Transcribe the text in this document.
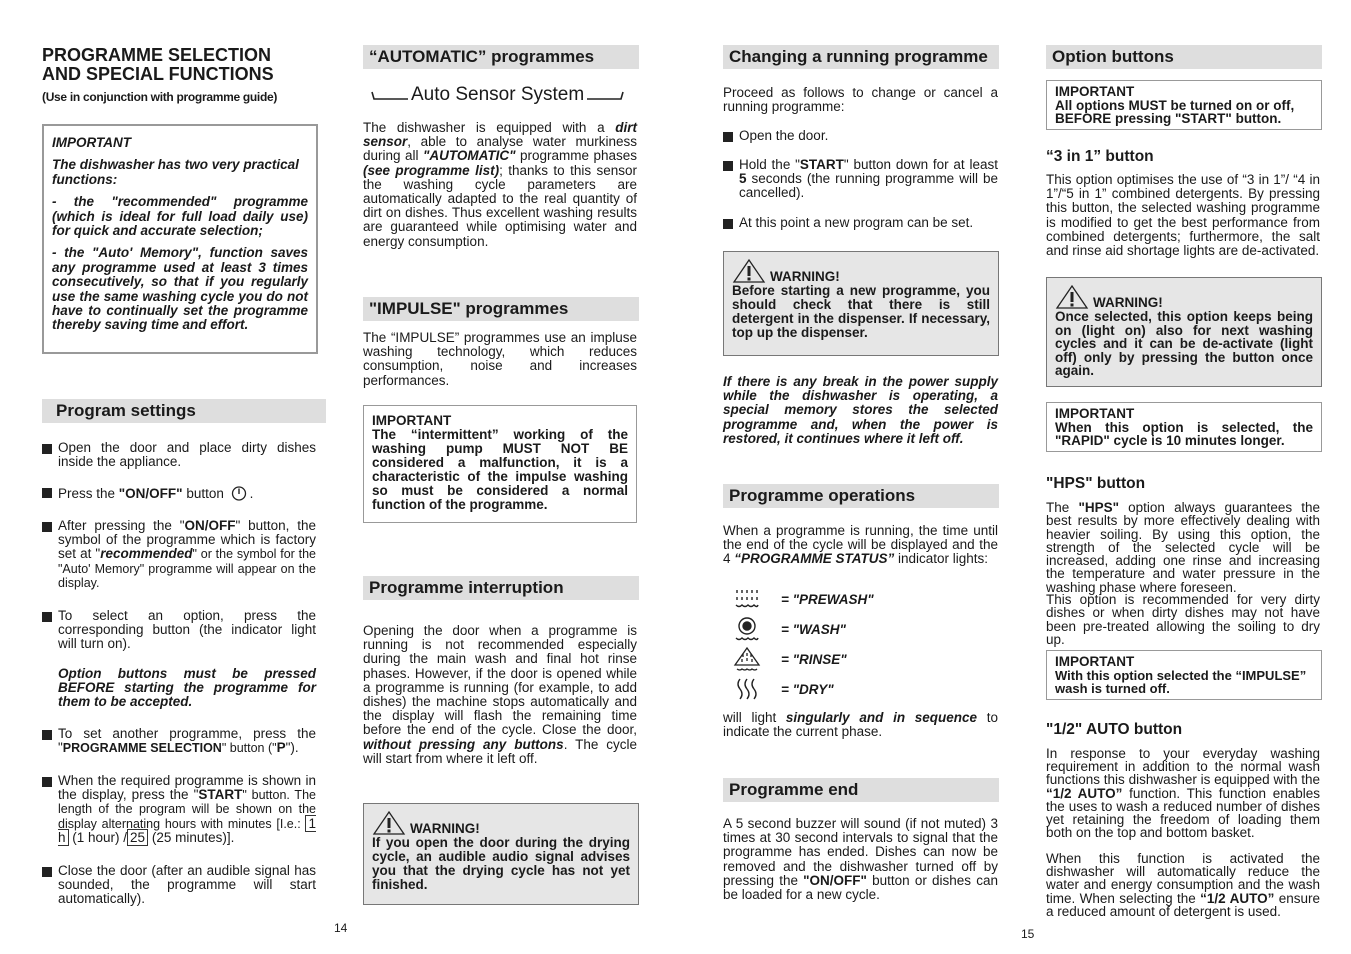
PROGRAMME SELECTION
AND SPECIAL FUNCTIONS
(Use in conjunction with programme guide)
IMPORTANT
The dishwasher has two very practical functions:
- the "recommended" programme (which is ideal for full load daily use) for quick and accurate selection;
- the "Auto' Memory", function saves any programme used at least 3 times consecutively, so that if you regularly use the same washing cycle you do not have to continually set the programme thereby saving time and effort.
Program settings
Open the door and place dirty dishes inside the appliance.
Press the "ON/OFF" button .
After pressing the "ON/OFF" button, the symbol of the programme which is factory set at "recommended" or the symbol for the "Auto' Memory" programme will appear on the display.
To select an option, press the corresponding button (the indicator light will turn on).
Option buttons must be pressed BEFORE starting the programme for them to be accepted.
To set another programme, press the "PROGRAMME SELECTION" button ("P").
When the required programme is shown in the display, press the "START" button. The length of the program will be shown on the display alternating hours with minutes [I.e.: 1 h (1 hour) / 25 (25 minutes)].
Close the door (after an audible signal has sounded, the programme will start automatically).
“AUTOMATIC” programmes
Auto Sensor System
The dishwasher is equipped with a dirt sensor, able to analyse water murkiness during all "AUTOMATIC" programme phases (see programme list); thanks to this sensor the washing cycle parameters are automatically adapted to the real quantity of dirt on dishes. Thus excellent washing results are guaranteed while optimising water and energy consumption.
"IMPULSE" programmes
The “IMPULSE” programmes use an impluse washing technology, which reduces consumption, noise and increases performances.
IMPORTANT
The “intermittent” working of the washing pump MUST NOT BE considered a malfunction, it is a characteristic of the impulse washing so must be considered a normal function of the programme.
Programme interruption
Opening the door when a programme is running is not recommended especially during the main wash and final hot rinse phases. However, if the door is opened while a programme is running (for example, to add dishes) the machine stops automatically and the display will flash the remaining time before the end of the cycle. Close the door, without pressing any buttons. The cycle will start from where it left off.
WARNING!
If you open the door during the drying cycle, an audible audio signal advises you that the drying cycle has not yet finished.
14
Changing a running programme
Proceed as follows to change or cancel a running programme:
Open the door.
Hold the "START" button down for at least 5 seconds (the running programme will be cancelled).
At this point a new program can be set.
WARNING!
Before starting a new programme, you should check that there is still detergent in the dispenser. If necessary, top up the dispenser.
If there is any break in the power supply while the dishwasher is operating, a special memory stores the selected programme and, when the power is restored, it continues where it left off.
Programme operations
When a programme is running, the time until the end of the cycle will be displayed and the 4 “PROGRAMME STATUS” indicator lights:
= "PREWASH"
= "WASH"
= "RINSE"
= "DRY"
will light singularly and in sequence to indicate the current phase.
Programme end
A 5 second buzzer will sound (if not muted) 3 times at 30 second intervals to signal that the programme has ended. Dishes can now be removed and the dishwasher turned off by pressing the "ON/OFF" button or dishes can be loaded for a new cycle.
Option buttons
IMPORTANT
All options MUST be turned on or off, BEFORE pressing "START" button.
“3 in 1” button
This option optimises the use of “3 in 1”/ “4 in 1”/“5 in 1” combined detergents. By pressing this button, the selected washing programme is modified to get the best performance from combined detergents; furthermore, the salt and rinse aid shortage lights are de-activated.
WARNING!
Once selected, this option keeps being on (light on) also for next washing cycles and it can be de-activate (light off) only by pressing the button once again.
IMPORTANT
When this option is selected, the "RAPID" cycle is 10 minutes longer.
"HPS" button
The "HPS" option always guarantees the best results by more effectively dealing with heavier soiling. By using this option, the strength of the selected cycle will be increased, adding one rinse and increasing the temperature and water pressure in the washing phase where foreseen.
This option is recommended for very dirty dishes or when dirty dishes may not have been pre-treated allowing the soiling to dry up.
IMPORTANT
With this option selected the “IMPULSE” wash is turned off.
"1/2" AUTO button
In response to your everyday washing requirement in addition to the normal wash functions this dishwasher is equipped with the “1/2 AUTO” function. This function enables the uses to wash a reduced number of dishes yet retaining the freedom of loading them both on the top and bottom basket.
When this function is activated the dishwasher will automatically reduce the water and energy consumption and the wash time. When selecting the “1/2 AUTO” ensure a reduced amount of detergent is used.
15
